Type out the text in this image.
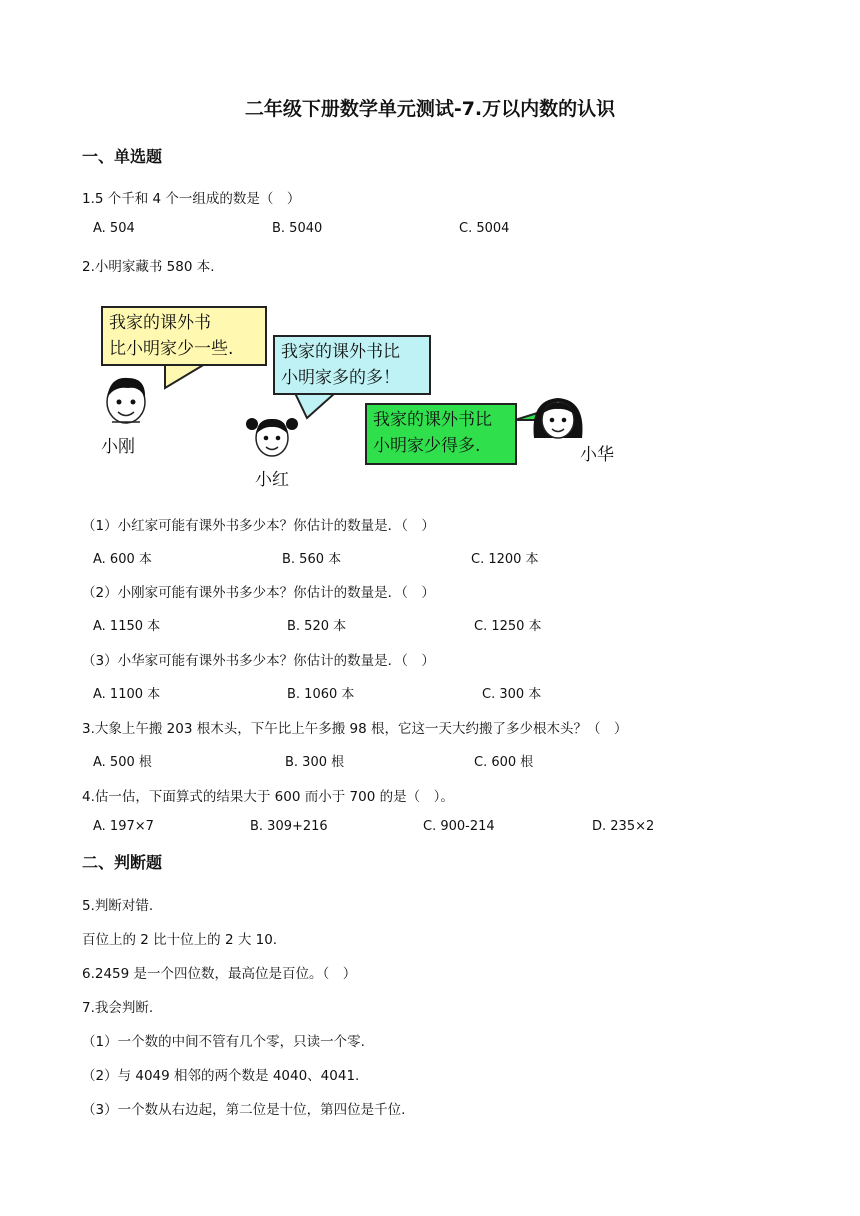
二年级下册数学单元测试-7.万以内数的认识
一、单选题
1.5 个千和 4 个一组成的数是（　）
A. 504	B. 5040	C. 5004
2.小明家藏书 580 本.
我家的课外书
比小明家少一些.	我家的课外书比
小明家多的多！
我家的课外书比
小明家少得多.
小刚
小红
小华
（1）小红家可能有课外书多少本？你估计的数量是．（　）
A. 600 本	B. 560 本	C. 1200 本
（2）小刚家可能有课外书多少本？你估计的数量是．（　）
A. 1150 本	B. 520 本	C. 1250 本
（3）小华家可能有课外书多少本？你估计的数量是．（　）
A. 1100 本	B. 1060 本	C. 300 本
3.大象上午搬 203 根木头，下午比上午多搬 98 根，它这一天大约搬了多少根木头？（　）
A. 500 根	B. 300 根	C. 600 根
4.估一估，下面算式的结果大于 600 而小于 700 的是（　）。
A. 197×7	B. 309+216	C. 900-214	D. 235×2
二、判断题
5.判断对错.
百位上的 2 比十位上的 2 大 10.
6.2459 是一个四位数，最高位是百位。（　）
7.我会判断.
（1）一个数的中间不管有几个零，只读一个零.
（2）与 4049 相邻的两个数是 4040、4041.
（3）一个数从右边起，第二位是十位，第四位是千位.
